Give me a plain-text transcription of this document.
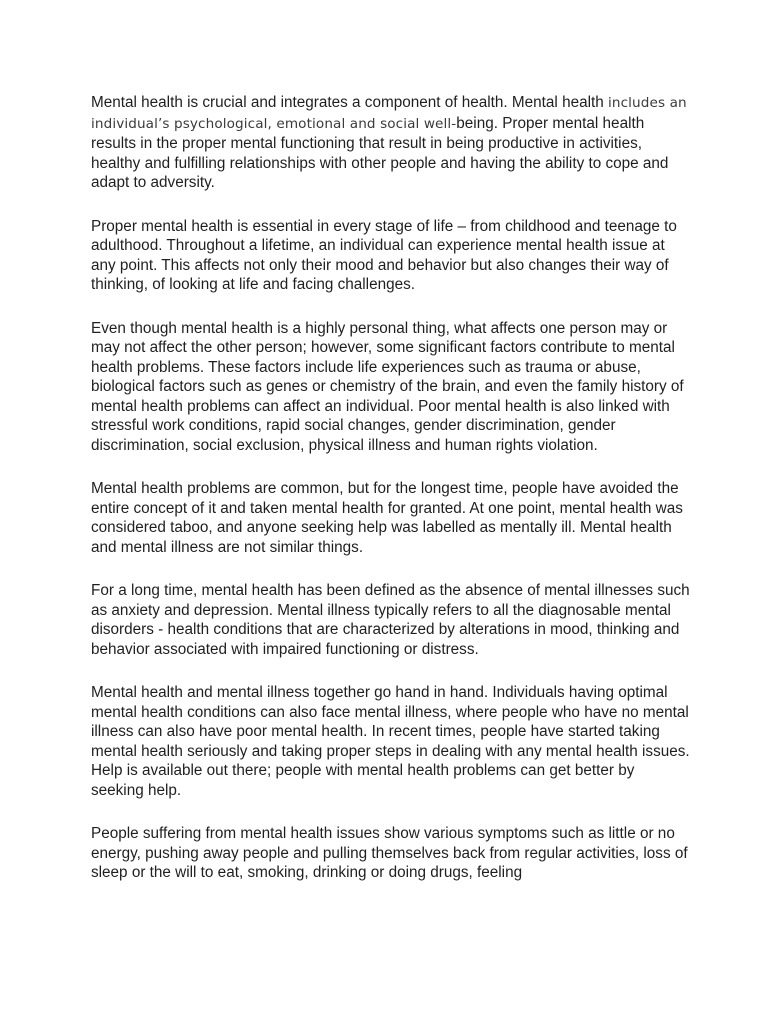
Mental health is crucial and integrates a component of health. Mental health includes an individual’s psychological, emotional and social well-being. Proper mental health results in the proper mental functioning that result in being productive in activities, healthy and fulfilling relationships with other people and having the ability to cope and adapt to adversity.

Proper mental health is essential in every stage of life – from childhood and teenage to adulthood. Throughout a lifetime, an individual can experience mental health issue at any point. This affects not only their mood and behavior but also changes their way of thinking, of looking at life and facing challenges.

Even though mental health is a highly personal thing, what affects one person may or may not affect the other person; however, some significant factors contribute to mental health problems. These factors include life experiences such as trauma or abuse, biological factors such as genes or chemistry of the brain, and even the family history of mental health problems can affect an individual. Poor mental health is also linked with stressful work conditions, rapid social changes, gender discrimination, gender discrimination, social exclusion, physical illness and human rights violation.

Mental health problems are common, but for the longest time, people have avoided the entire concept of it and taken mental health for granted. At one point, mental health was considered taboo, and anyone seeking help was labelled as mentally ill. Mental health and mental illness are not similar things.

For a long time, mental health has been defined as the absence of mental illnesses such as anxiety and depression. Mental illness typically refers to all the diagnosable mental disorders - health conditions that are characterized by alterations in mood, thinking and behavior associated with impaired functioning or distress.

Mental health and mental illness together go hand in hand. Individuals having optimal mental health conditions can also face mental illness, where people who have no mental illness can also have poor mental health. In recent times, people have started taking mental health seriously and taking proper steps in dealing with any mental health issues. Help is available out there; people with mental health problems can get better by seeking help.

People suffering from mental health issues show various symptoms such as little or no energy, pushing away people and pulling themselves back from regular activities, loss of sleep or the will to eat, smoking, drinking or doing drugs, feeling
